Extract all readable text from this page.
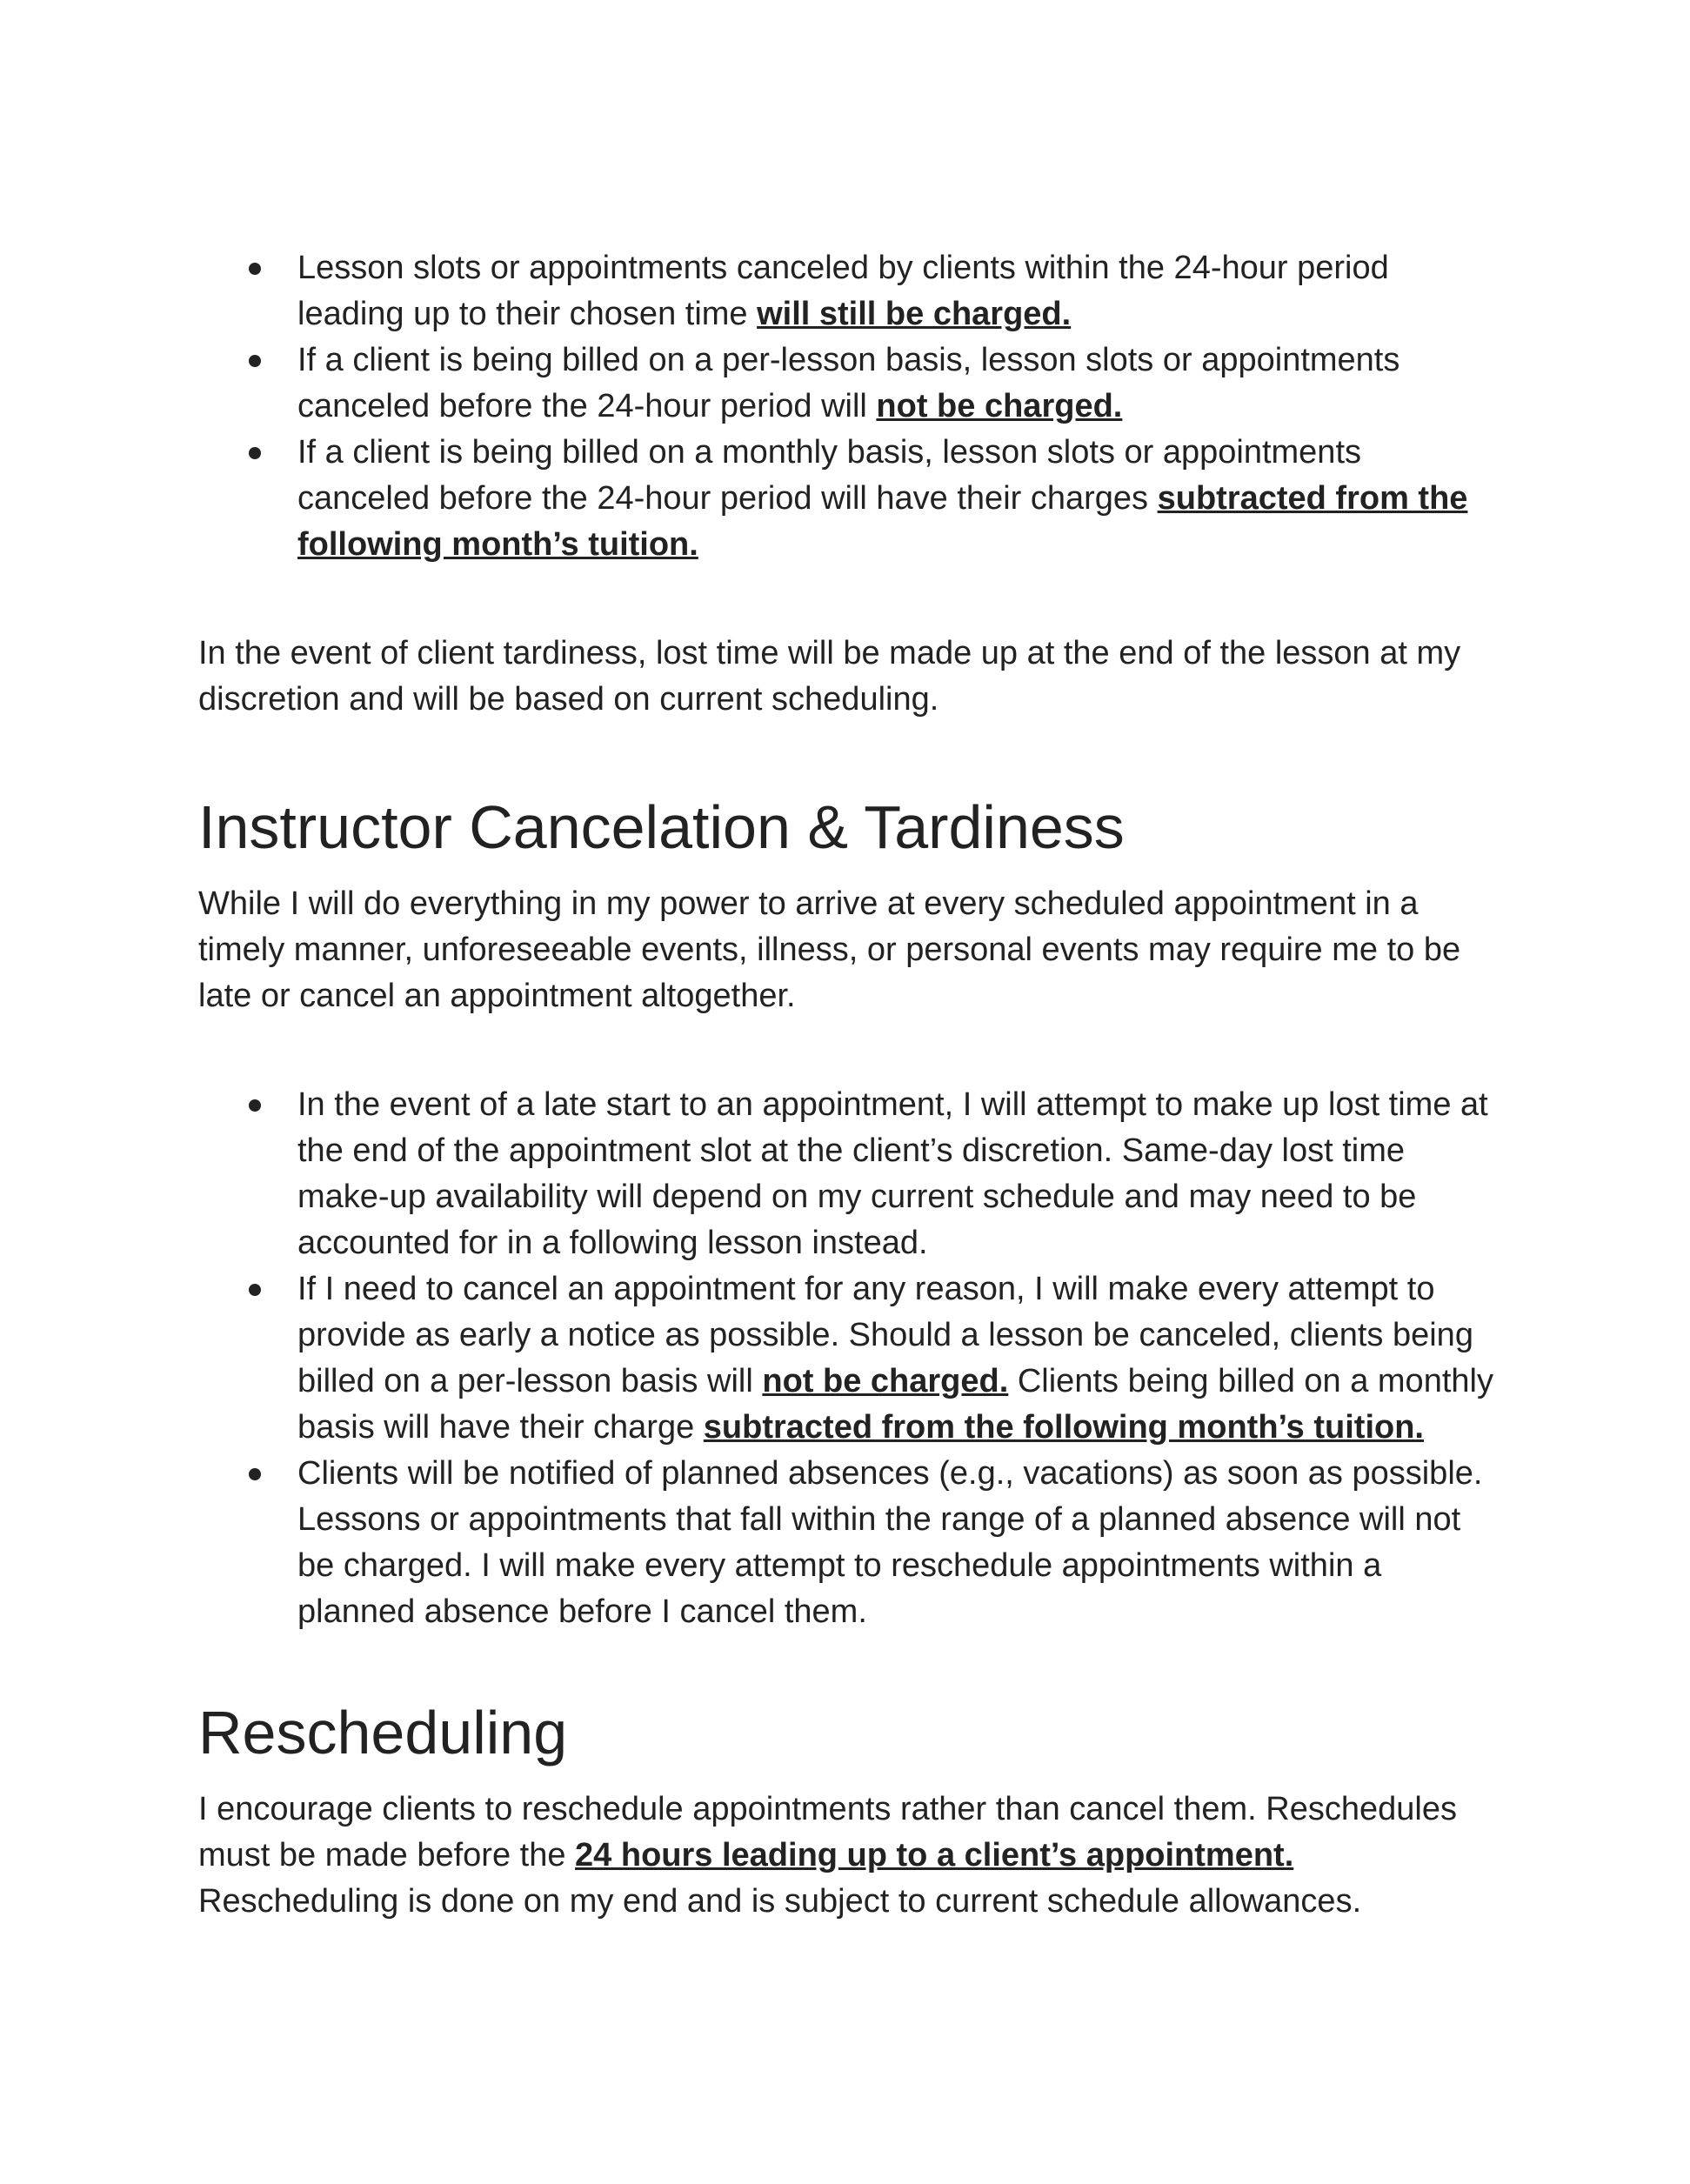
Lesson slots or appointments canceled by clients within the 24-hour period leading up to their chosen time will still be charged.
If a client is being billed on a per-lesson basis, lesson slots or appointments canceled before the 24-hour period will not be charged.
If a client is being billed on a monthly basis, lesson slots or appointments canceled before the 24-hour period will have their charges subtracted from the following month’s tuition.

In the event of client tardiness, lost time will be made up at the end of the lesson at my discretion and will be based on current scheduling.

Instructor Cancelation & Tardiness

While I will do everything in my power to arrive at every scheduled appointment in a timely manner, unforeseeable events, illness, or personal events may require me to be late or cancel an appointment altogether.

In the event of a late start to an appointment, I will attempt to make up lost time at the end of the appointment slot at the client’s discretion. Same-day lost time make-up availability will depend on my current schedule and may need to be accounted for in a following lesson instead.
If I need to cancel an appointment for any reason, I will make every attempt to provide as early a notice as possible. Should a lesson be canceled, clients being billed on a per-lesson basis will not be charged. Clients being billed on a monthly basis will have their charge subtracted from the following month’s tuition.
Clients will be notified of planned absences (e.g., vacations) as soon as possible. Lessons or appointments that fall within the range of a planned absence will not be charged. I will make every attempt to reschedule appointments within a planned absence before I cancel them.
Rescheduling

I encourage clients to reschedule appointments rather than cancel them. Reschedules must be made before the 24 hours leading up to a client’s appointment. Rescheduling is done on my end and is subject to current schedule allowances.
